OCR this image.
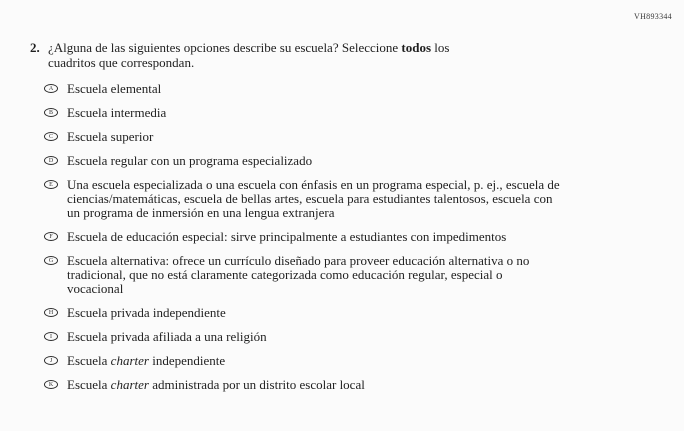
VH893344
2. ¿Alguna de las siguientes opciones describe su escuela? Seleccione todos los
cuadritos que correspondan.
A Escuela elemental
B Escuela intermedia
C Escuela superior
D Escuela regular con un programa especializado
E Una escuela especializada o una escuela con énfasis en un programa especial, p. ej., escuela de
ciencias/matemáticas, escuela de bellas artes, escuela para estudiantes talentosos, escuela con
un programa de inmersión en una lengua extranjera
F Escuela de educación especial: sirve principalmente a estudiantes con impedimentos
G Escuela alternativa: ofrece un currículo diseñado para proveer educación alternativa o no
tradicional, que no está claramente categorizada como educación regular, especial o
vocacional
H Escuela privada independiente
I Escuela privada afiliada a una religión
J Escuela charter independiente
K Escuela charter administrada por un distrito escolar local
